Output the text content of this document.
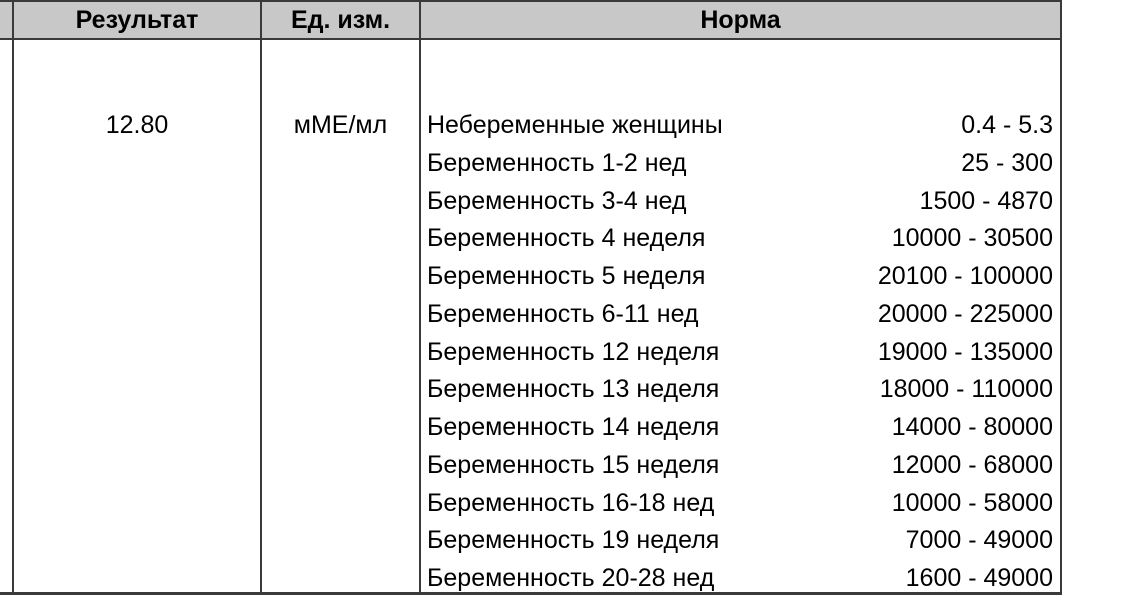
Результат	Ед. изм.	Норма
12.80	мМЕ/мл	Небеременные женщины	0.4 - 5.3
Беременность 1-2 нед	25 - 300
Беременность 3-4 нед	1500 - 4870
Беременность 4 неделя	10000 - 30500
Беременность 5 неделя	20100 - 100000
Беременность 6-11 нед	20000 - 225000
Беременность 12 неделя	19000 - 135000
Беременность 13 неделя	18000 - 110000
Беременность 14 неделя	14000 - 80000
Беременность 15 неделя	12000 - 68000
Беременность 16-18 нед	10000 - 58000
Беременность 19 неделя	7000 - 49000
Беременность 20-28 нед	1600 - 49000
